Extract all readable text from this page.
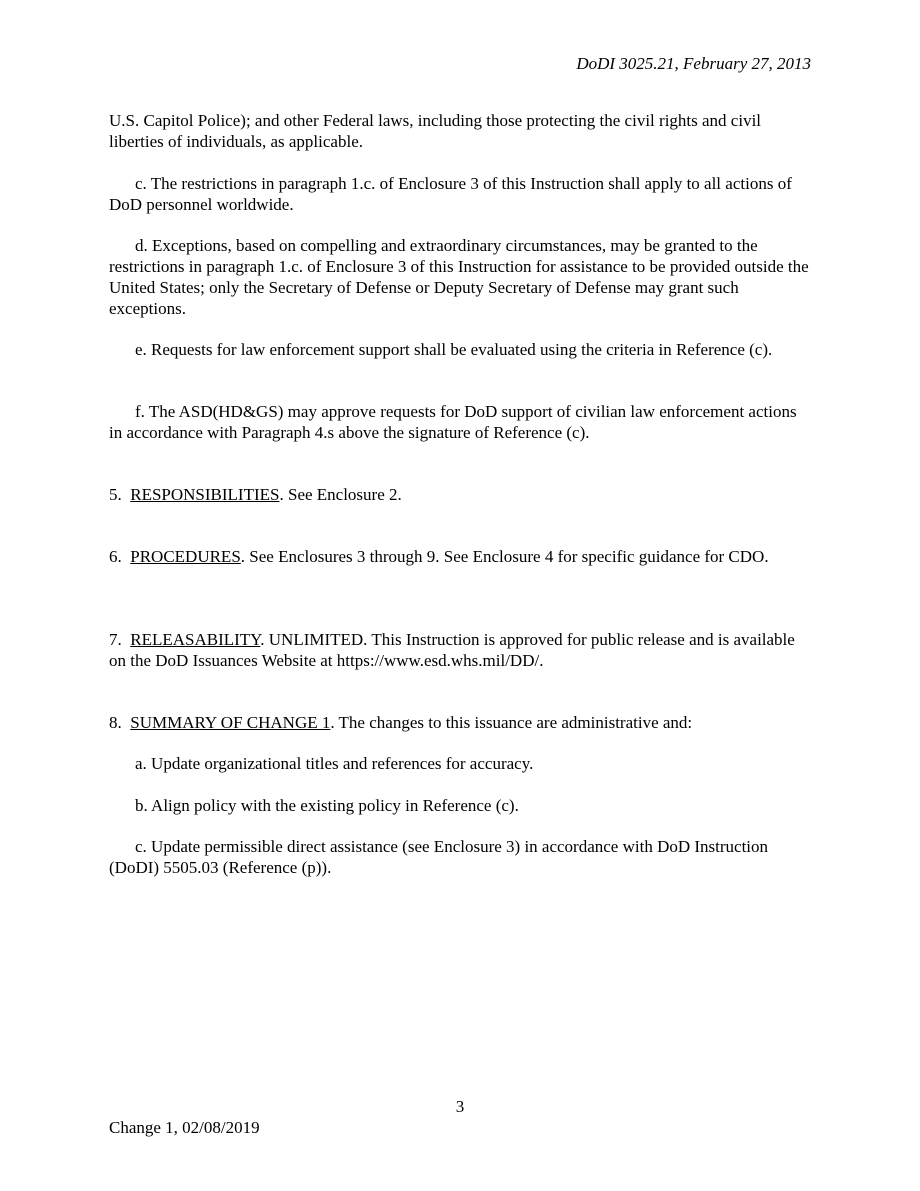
DoDI 3025.21, February 27, 2013

U.S. Capitol Police); and other Federal laws, including those protecting the civil rights and civil liberties of individuals, as applicable.

c. The restrictions in paragraph 1.c. of Enclosure 3 of this Instruction shall apply to all actions of DoD personnel worldwide.

d. Exceptions, based on compelling and extraordinary circumstances, may be granted to the restrictions in paragraph 1.c. of Enclosure 3 of this Instruction for assistance to be provided outside the United States; only the Secretary of Defense or Deputy Secretary of Defense may grant such exceptions.

e. Requests for law enforcement support shall be evaluated using the criteria in Reference (c).

f. The ASD(HD&GS) may approve requests for DoD support of civilian law enforcement actions in accordance with Paragraph 4.s above the signature of Reference (c).

5. RESPONSIBILITIES. See Enclosure 2.

6. PROCEDURES. See Enclosures 3 through 9. See Enclosure 4 for specific guidance for CDO.

7. RELEASABILITY. UNLIMITED. This Instruction is approved for public release and is available on the DoD Issuances Website at https://www.esd.whs.mil/DD/.

8. SUMMARY OF CHANGE 1. The changes to this issuance are administrative and:

a. Update organizational titles and references for accuracy.

b. Align policy with the existing policy in Reference (c).

c. Update permissible direct assistance (see Enclosure 3) in accordance with DoD Instruction (DoDI) 5505.03 (Reference (p)).

3
Change 1, 02/08/2019
